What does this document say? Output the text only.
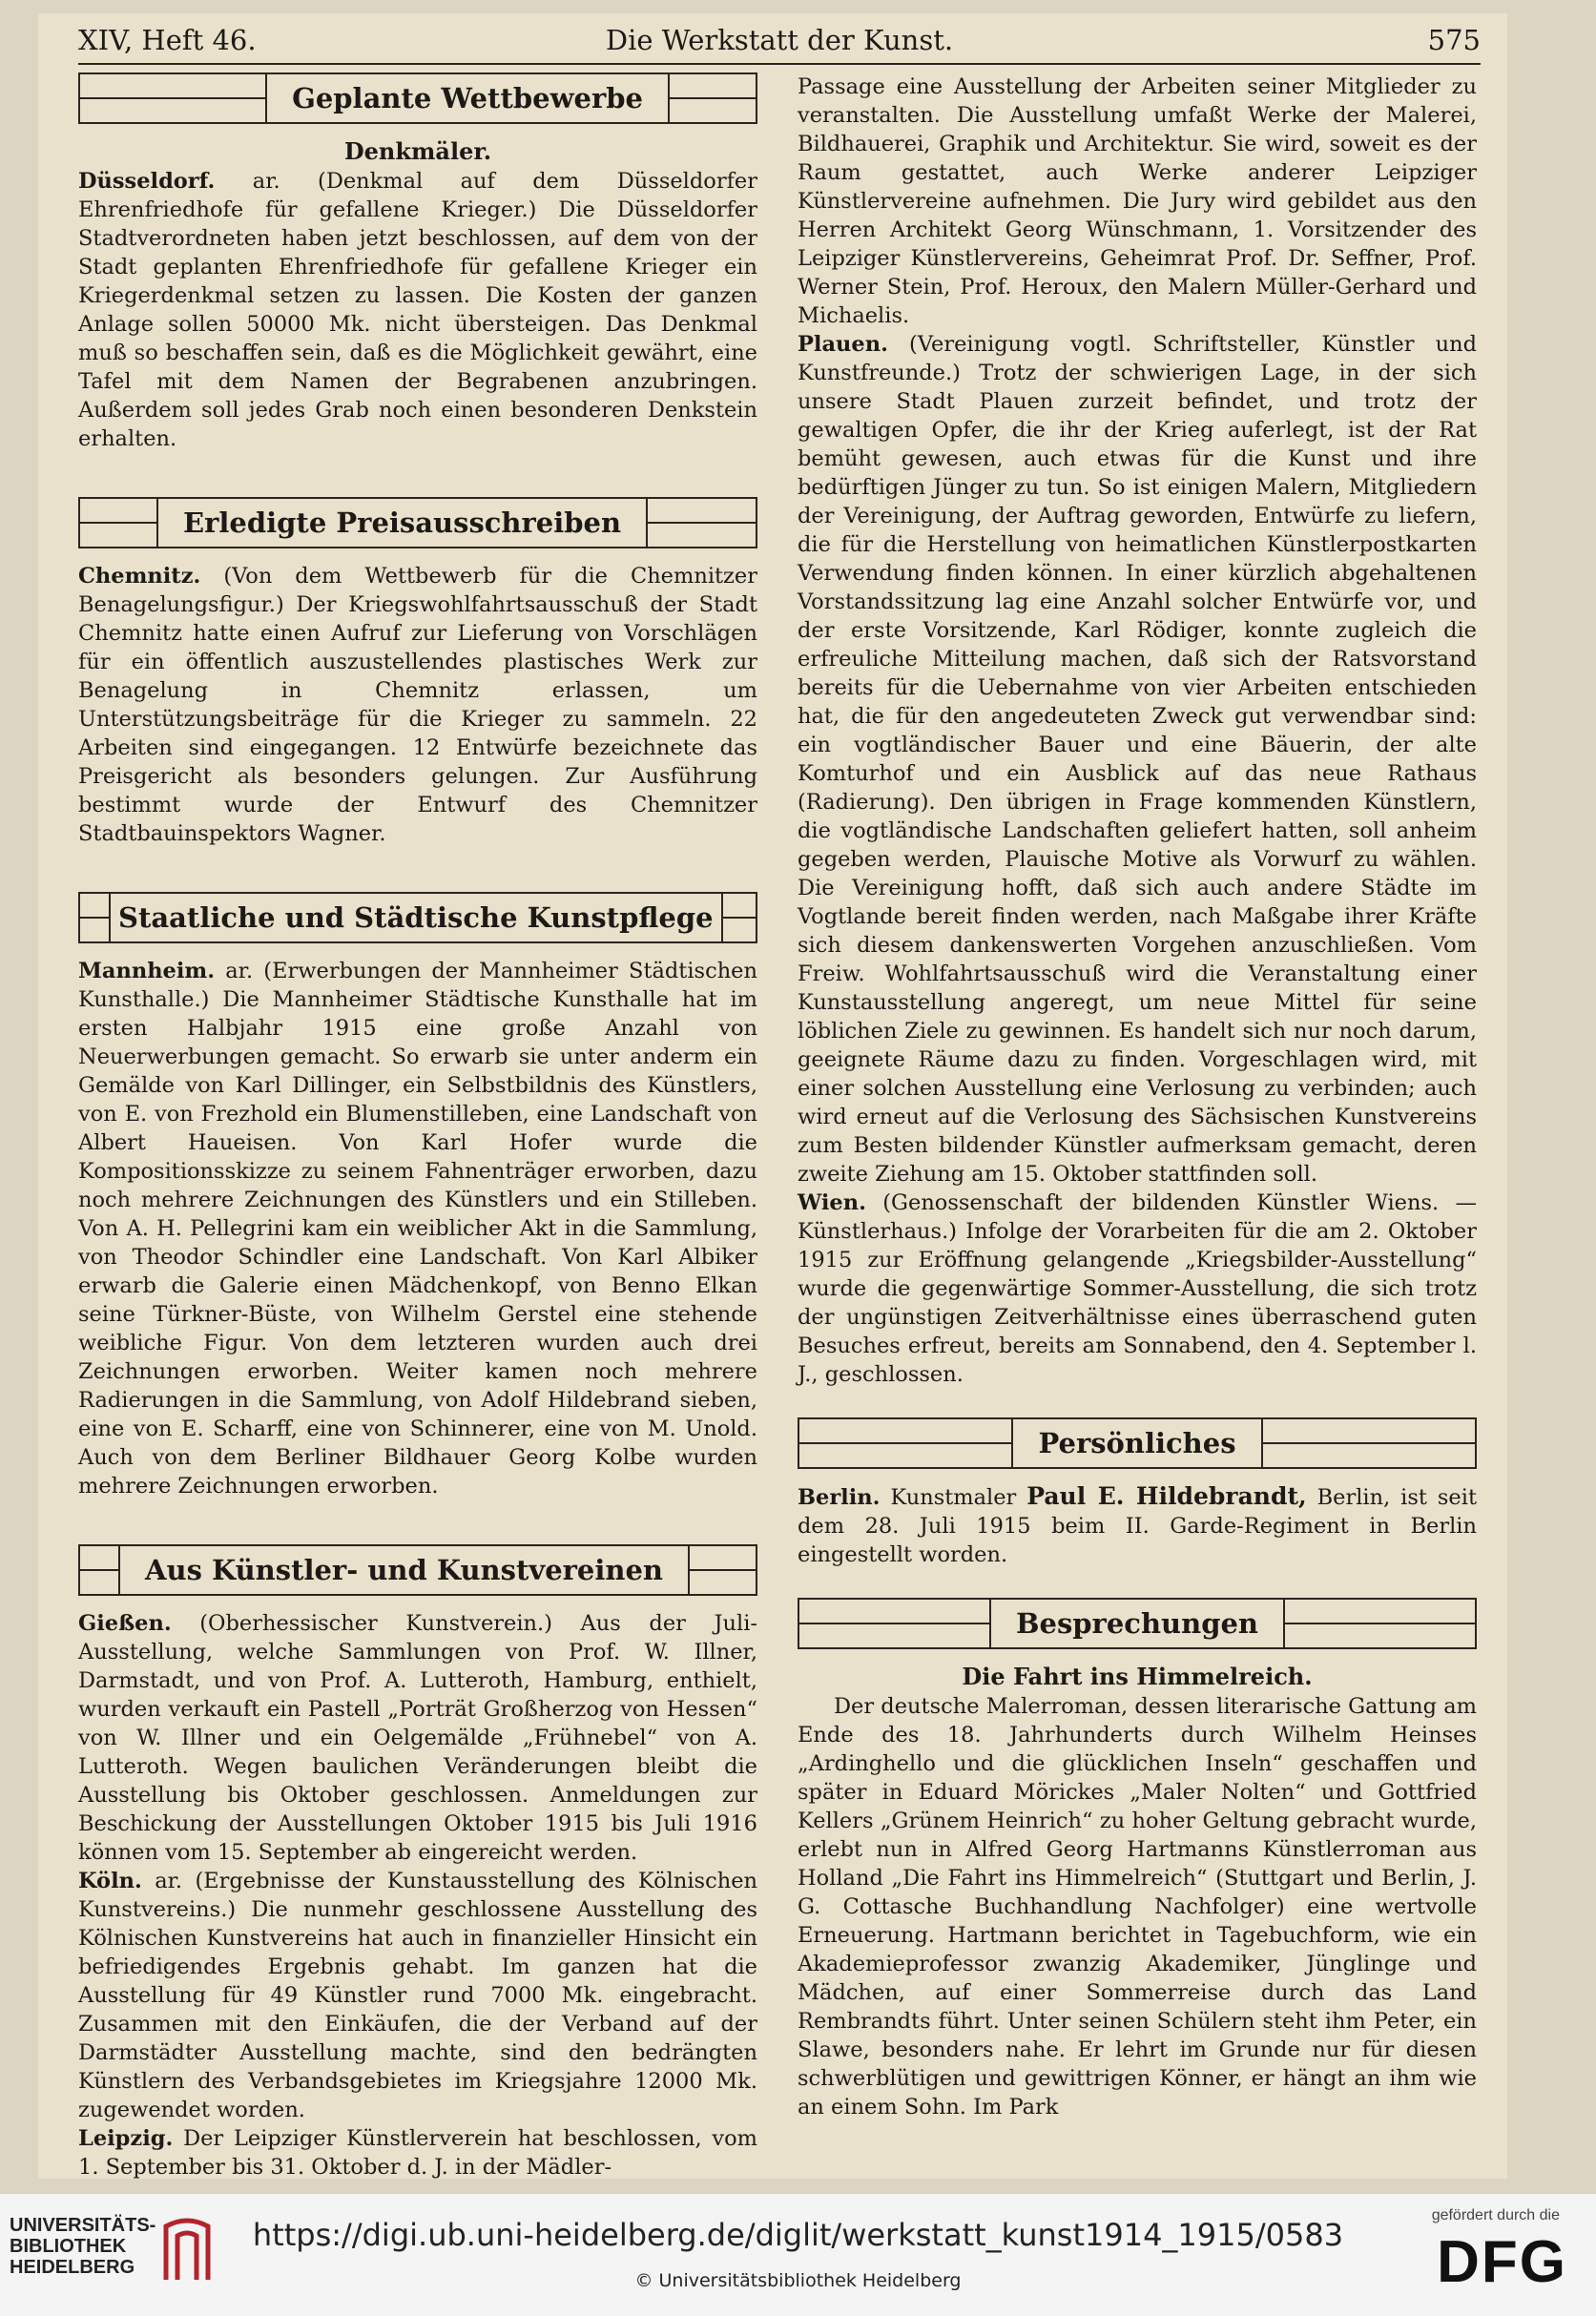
XIV, Heft 46.	Die Werkstatt der Kunst.	575
Geplante Wettbewerbe
Denkmäler.

Düsseldorf. ar. (Denkmal auf dem Düsseldorfer Ehrenfriedhofe für gefallene Krieger.) Die Düsseldorfer Stadtverordneten haben jetzt beschlossen, auf dem von der Stadt geplanten Ehrenfriedhofe für gefallene Krieger ein Kriegerdenkmal setzen zu lassen. Die Kosten der ganzen Anlage sollen 50000 Mk. nicht übersteigen. Das Denkmal muß so beschaffen sein, daß es die Möglichkeit gewährt, eine Tafel mit dem Namen der Begrabenen anzubringen. Außerdem soll jedes Grab noch einen besonderen Denkstein erhalten.

Erledigte Preisausschreiben

Chemnitz. (Von dem Wettbewerb für die Chemnitzer Benagelungsfigur.) Der Kriegswohlfahrtsausschuß der Stadt Chemnitz hatte einen Aufruf zur Lieferung von Vorschlägen für ein öffentlich auszustellendes plastisches Werk zur Benagelung in Chemnitz erlassen, um Unterstützungsbeiträge für die Krieger zu sammeln. 22 Arbeiten sind eingegangen. 12 Entwürfe bezeichnete das Preisgericht als besonders gelungen. Zur Ausführung bestimmt wurde der Entwurf des Chemnitzer Stadtbauinspektors Wagner.

Staatliche und Städtische Kunstpflege

Mannheim. ar. (Erwerbungen der Mannheimer Städtischen Kunsthalle.) Die Mannheimer Städtische Kunsthalle hat im ersten Halbjahr 1915 eine große Anzahl von Neuerwerbungen gemacht. So erwarb sie unter anderm ein Gemälde von Karl Dillinger, ein Selbstbildnis des Künstlers, von E. von Frezhold ein Blumenstilleben, eine Landschaft von Albert Haueisen. Von Karl Hofer wurde die Kompositionsskizze zu seinem Fahnenträger erworben, dazu noch mehrere Zeichnungen des Künstlers und ein Stilleben. Von A. H. Pellegrini kam ein weiblicher Akt in die Sammlung, von Theodor Schindler eine Landschaft. Von Karl Albiker erwarb die Galerie einen Mädchenkopf, von Benno Elkan seine Türkner-Büste, von Wilhelm Gerstel eine stehende weibliche Figur. Von dem letzteren wurden auch drei Zeichnungen erworben. Weiter kamen noch mehrere Radierungen in die Sammlung, von Adolf Hildebrand sieben, eine von E. Scharff, eine von Schinnerer, eine von M. Unold. Auch von dem Berliner Bildhauer Georg Kolbe wurden mehrere Zeichnungen erworben.

Aus Künstler- und Kunstvereinen

Gießen. (Oberhessischer Kunstverein.) Aus der Juli-Ausstellung, welche Sammlungen von Prof. W. Illner, Darmstadt, und von Prof. A. Lutteroth, Hamburg, enthielt, wurden verkauft ein Pastell „Porträt Großherzog von Hessen“ von W. Illner und ein Oelgemälde „Frühnebel“ von A. Lutteroth. Wegen baulichen Veränderungen bleibt die Ausstellung bis Oktober geschlossen. Anmeldungen zur Beschickung der Ausstellungen Oktober 1915 bis Juli 1916 können vom 15. September ab eingereicht werden.

Köln. ar. (Ergebnisse der Kunstausstellung des Kölnischen Kunstvereins.) Die nunmehr geschlossene Ausstellung des Kölnischen Kunstvereins hat auch in finanzieller Hinsicht ein befriedigendes Ergebnis gehabt. Im ganzen hat die Ausstellung für 49 Künstler rund 7000 Mk. eingebracht. Zusammen mit den Einkäufen, die der Verband auf der Darmstädter Ausstellung machte, sind den bedrängten Künstlern des Verbandsgebietes im Kriegsjahre 12000 Mk. zugewendet worden.

Leipzig. Der Leipziger Künstlerverein hat beschlossen, vom 1. September bis 31. Oktober d. J. in der Mädler-

Passage eine Ausstellung der Arbeiten seiner Mitglieder zu veranstalten. Die Ausstellung umfaßt Werke der Malerei, Bildhauerei, Graphik und Architektur. Sie wird, soweit es der Raum gestattet, auch Werke anderer Leipziger Künstlervereine aufnehmen. Die Jury wird gebildet aus den Herren Architekt Georg Wünschmann, 1. Vorsitzender des Leipziger Künstlervereins, Geheimrat Prof. Dr. Seffner, Prof. Werner Stein, Prof. Heroux, den Malern Müller-Gerhard und Michaelis.

Plauen. (Vereinigung vogtl. Schriftsteller, Künstler und Kunstfreunde.) Trotz der schwierigen Lage, in der sich unsere Stadt Plauen zurzeit befindet, und trotz der gewaltigen Opfer, die ihr der Krieg auferlegt, ist der Rat bemüht gewesen, auch etwas für die Kunst und ihre bedürftigen Jünger zu tun. So ist einigen Malern, Mitgliedern der Vereinigung, der Auftrag geworden, Entwürfe zu liefern, die für die Herstellung von heimatlichen Künstlerpostkarten Verwendung finden können. In einer kürzlich abgehaltenen Vorstandssitzung lag eine Anzahl solcher Entwürfe vor, und der erste Vorsitzende, Karl Rödiger, konnte zugleich die erfreuliche Mitteilung machen, daß sich der Ratsvorstand bereits für die Uebernahme von vier Arbeiten entschieden hat, die für den angedeuteten Zweck gut verwendbar sind: ein vogtländischer Bauer und eine Bäuerin, der alte Komturhof und ein Ausblick auf das neue Rathaus (Radierung). Den übrigen in Frage kommenden Künstlern, die vogtländische Landschaften geliefert hatten, soll anheim gegeben werden, Plauische Motive als Vorwurf zu wählen. Die Vereinigung hofft, daß sich auch andere Städte im Vogtlande bereit finden werden, nach Maßgabe ihrer Kräfte sich diesem dankenswerten Vorgehen anzuschließen. Vom Freiw. Wohlfahrtsausschuß wird die Veranstaltung einer Kunstausstellung angeregt, um neue Mittel für seine löblichen Ziele zu gewinnen. Es handelt sich nur noch darum, geeignete Räume dazu zu finden. Vorgeschlagen wird, mit einer solchen Ausstellung eine Verlosung zu verbinden; auch wird erneut auf die Verlosung des Sächsischen Kunstvereins zum Besten bildender Künstler aufmerksam gemacht, deren zweite Ziehung am 15. Oktober stattfinden soll.

Wien. (Genossenschaft der bildenden Künstler Wiens. — Künstlerhaus.) Infolge der Vorarbeiten für die am 2. Oktober 1915 zur Eröffnung gelangende „Kriegsbilder-Ausstellung“ wurde die gegenwärtige Sommer-Ausstellung, die sich trotz der ungünstigen Zeitverhältnisse eines überraschend guten Besuches erfreut, bereits am Sonnabend, den 4. September l. J., geschlossen.

Persönliches

Berlin. Kunstmaler Paul E. Hildebrandt, Berlin, ist seit dem 28. Juli 1915 beim II. Garde-Regiment in Berlin eingestellt worden.

Besprechungen
Die Fahrt ins Himmelreich.

Der deutsche Malerroman, dessen literarische Gattung am Ende des 18. Jahrhunderts durch Wilhelm Heinses „Ardinghello und die glücklichen Inseln“ geschaffen und später in Eduard Mörickes „Maler Nolten“ und Gottfried Kellers „Grünem Heinrich“ zu hoher Geltung gebracht wurde, erlebt nun in Alfred Georg Hartmanns Künstlerroman aus Holland „Die Fahrt ins Himmelreich“ (Stuttgart und Berlin, J. G. Cottasche Buchhandlung Nachfolger) eine wertvolle Erneuerung. Hartmann berichtet in Tagebuchform, wie ein Akademieprofessor zwanzig Akademiker, Jünglinge und Mädchen, auf einer Sommerreise durch das Land Rembrandts führt. Unter seinen Schülern steht ihm Peter, ein Slawe, besonders nahe. Er lehrt im Grunde nur für diesen schwerblütigen und gewittrigen Könner, er hängt an ihm wie an einem Sohn. Im Park

UNIVERSITÄTS-
BIBLIOTHEK
HEIDELBERG
https://digi.ub.uni-heidelberg.de/diglit/werkstatt_kunst1914_1915/0583
© Universitätsbibliothek Heidelberg
gefördert durch die
DFG
